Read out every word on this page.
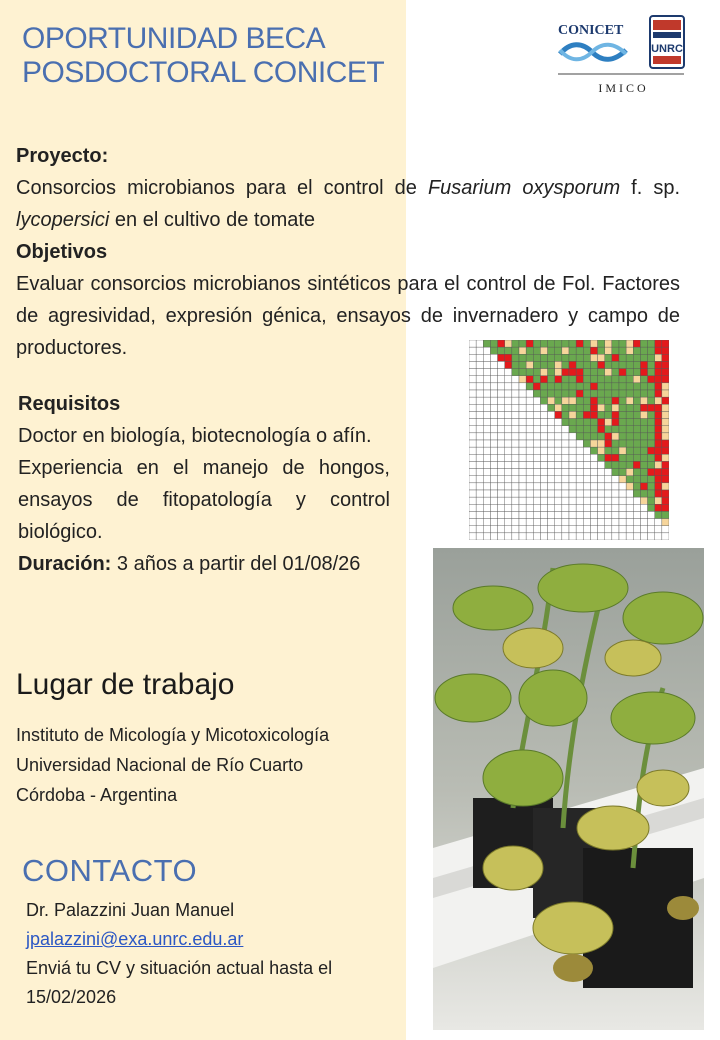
OPORTUNIDAD BECA
POSDOCTORAL CONICET
CONICET
UNRC
I M I C O
Proyecto:
Consorcios microbianos para el control de Fusarium oxysporum f. sp. lycopersici en el cultivo de tomate
Objetivos
Evaluar consorcios microbianos sintéticos para el control de Fol. Factores de agresividad, expresión génica, ensayos de invernadero y campo de productores.
Requisitos
Doctor en biología, biotecnología o afín.
Experiencia en el manejo de hongos, ensayos de fitopatología y control biológico.
Duración: 3 años a partir del 01/08/26
Lugar de trabajo
Instituto de Micología y Micotoxicología
Universidad Nacional de Río Cuarto
Córdoba - Argentina
CONTACTO
Dr. Palazzini Juan Manuel
jpalazzini@exa.unrc.edu.ar
Enviá tu CV y situación actual hasta el 15/02/2026
